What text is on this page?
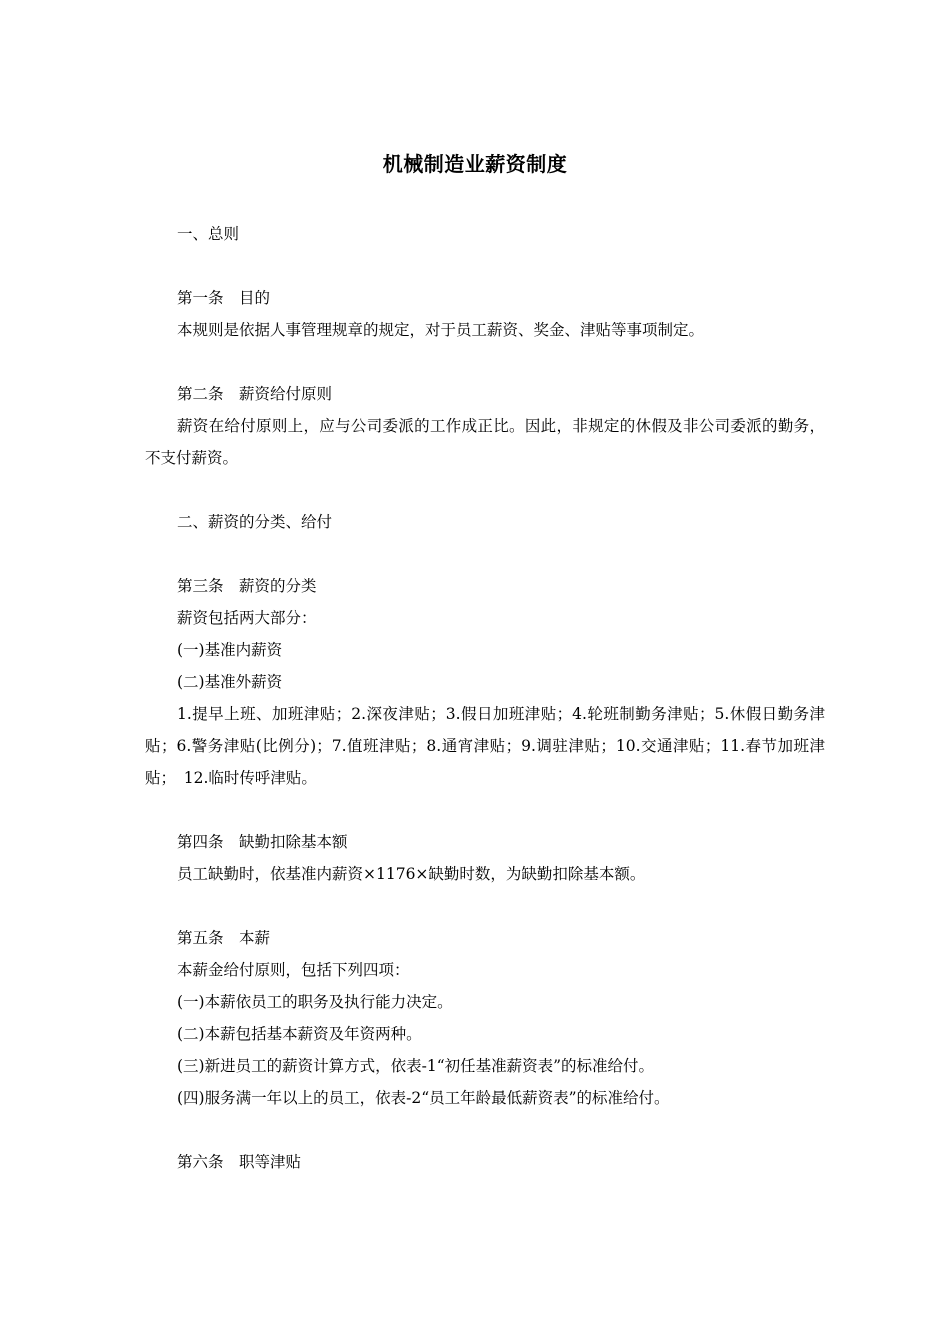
机械制造业薪资制度

一、总则

第一条　目的

本规则是依据人事管理规章的规定，对于员工薪资、奖金、津贴等事项制定。

第二条　薪资给付原则

薪资在给付原则上，应与公司委派的工作成正比。因此，非规定的休假及非公司委派的勤务，不支付薪资。

二、薪资的分类、给付

第三条　薪资的分类

薪资包括两大部分：

(一)基准内薪资

(二)基准外薪资

1.提早上班、加班津贴；2.深夜津贴；3.假日加班津贴；4.轮班制勤务津贴；5.休假日勤务津贴；6.警务津贴(比例分)；7.值班津贴；8.通宵津贴；9.调驻津贴；10.交通津贴；11.春节加班津贴；　12.临时传呼津贴。

第四条　缺勤扣除基本额

员工缺勤时，依基准内薪资×1176×缺勤时数，为缺勤扣除基本额。

第五条　本薪

本薪金给付原则，包括下列四项：

(一)本薪依员工的职务及执行能力决定。

(二)本薪包括基本薪资及年资两种。

(三)新进员工的薪资计算方式，依表-1“初任基准薪资表”的标准给付。

(四)服务满一年以上的员工，依表-2“员工年龄最低薪资表”的标准给付。

第六条　职等津贴
